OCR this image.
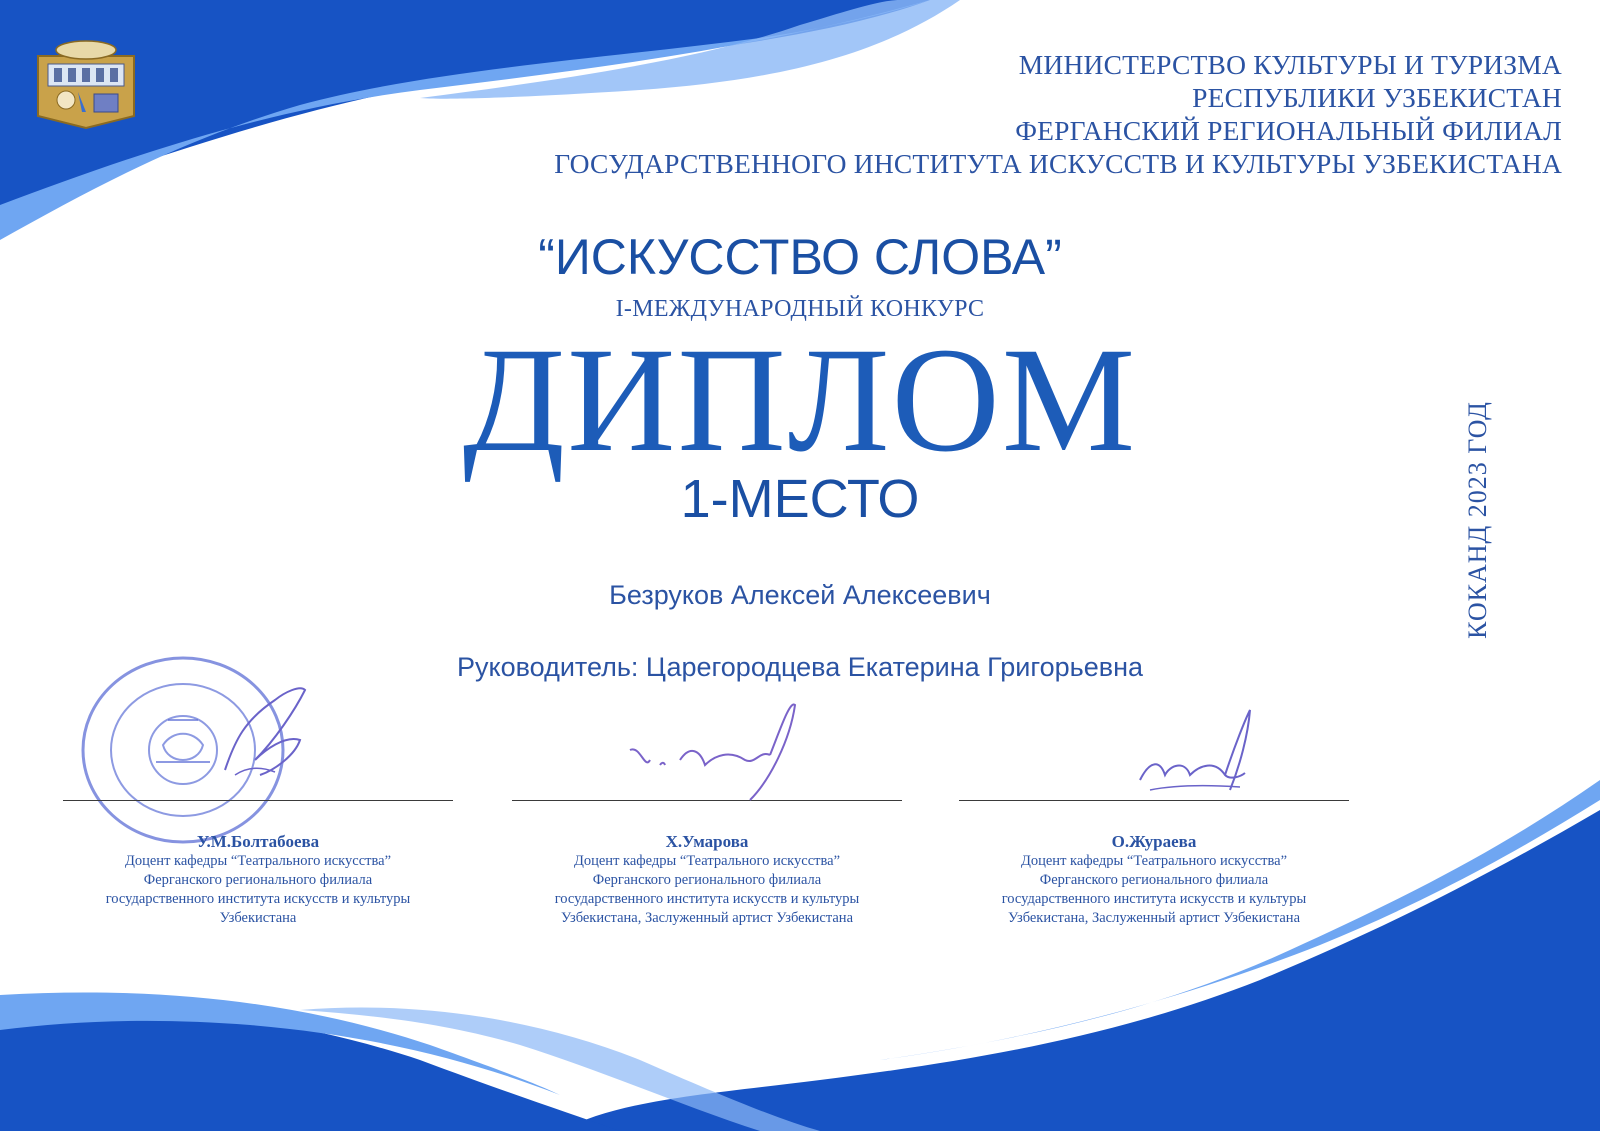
МИНИСТЕРСТВО КУЛЬТУРЫ И ТУРИЗМА
РЕСПУБЛИКИ УЗБЕКИСТАН
ФЕРГАНСКИЙ РЕГИОНАЛЬНЫЙ ФИЛИАЛ
ГОСУДАРСТВЕННОГО ИНСТИТУТА ИСКУССТВ И КУЛЬТУРЫ УЗБЕКИСТАНА
“ИСКУССТВО СЛОВА”
I-МЕЖДУНАРОДНЫЙ КОНКУРС
ДИПЛОМ
1-МЕСТО
Безруков Алексей Алексеевич
Руководитель: Царегородцева Екатерина Григорьевна
КОКАНД 2023 ГОД
У.М.Болтабоева
Доцент кафедры “Театрального искусства”
Ферганского регионального филиала
государственного института искусств и культуры
Узбекистана
Х.Умарова
Доцент кафедры “Театрального искусства”
Ферганского регионального филиала
государственного института искусств и культуры
Узбекистана, Заслуженный артист Узбекистана
О.Жураева
Доцент кафедры “Театрального искусства”
Ферганского регионального филиала
государственного института искусств и культуры
Узбекистана, Заслуженный артист Узбекистана
